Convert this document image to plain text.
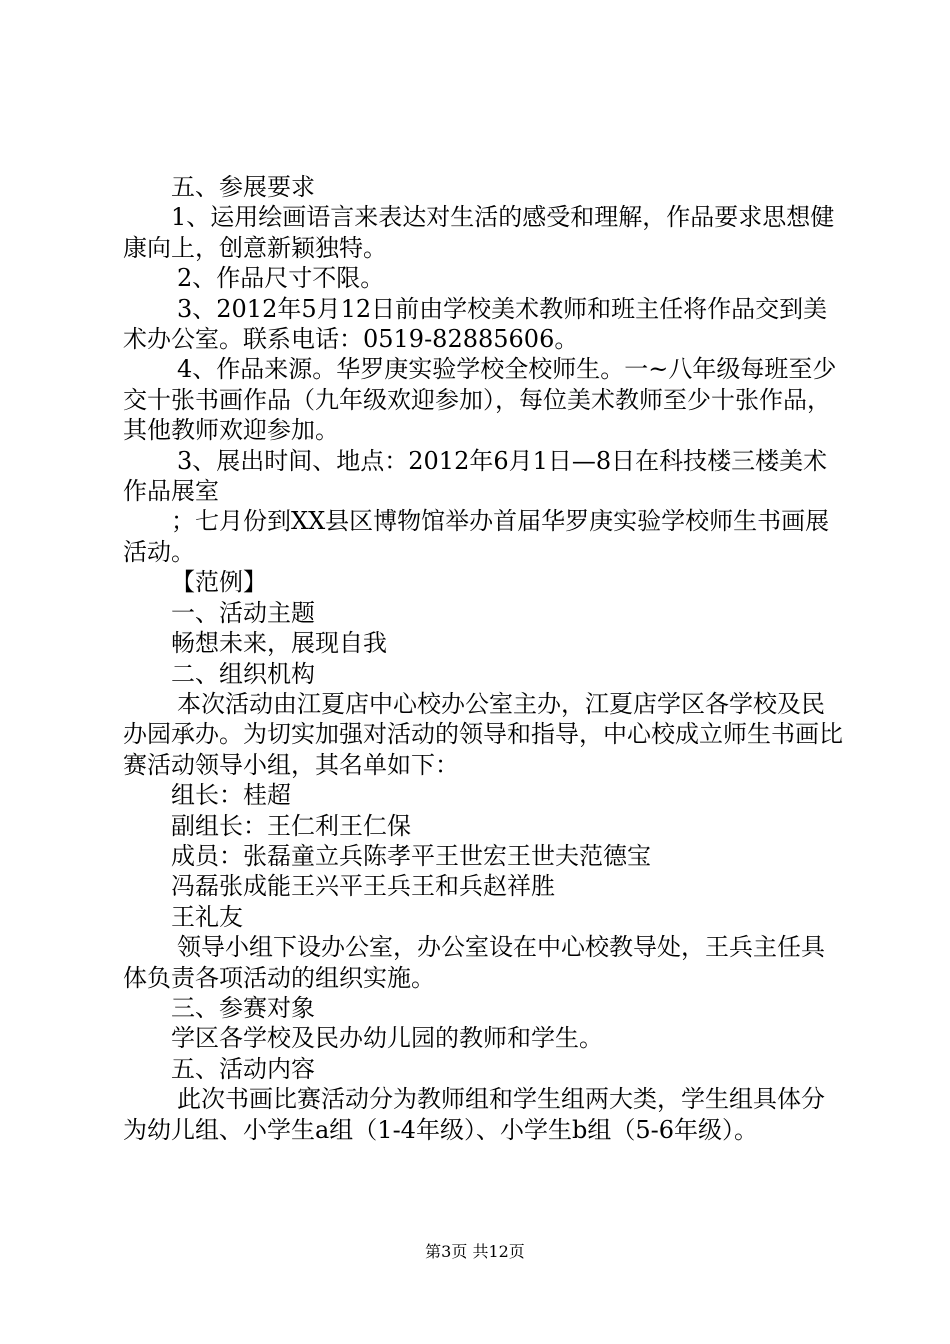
五、参展要求

1、运用绘画语言来表达对生活的感受和理解，作品要求思想健康向上，创意新颖独特。

2、作品尺寸不限。

3、2012年5月12日前由学校美术教师和班主任将作品交到美术办公室。联系电话：0519-82885606。

4、作品来源。华罗庚实验学校全校师生。一~八年级每班至少交十张书画作品（九年级欢迎参加），每位美术教师至少十张作品，其他教师欢迎参加。

3、展出时间、地点：2012年6月1日—8日在科技楼三楼美术作品展室

；七月份到XX县区博物馆举办首届华罗庚实验学校师生书画展活动。

【范例】

一、活动主题

畅想未来，展现自我

二、组织机构

本次活动由江夏店中心校办公室主办，江夏店学区各学校及民办园承办。为切实加强对活动的领导和指导，中心校成立师生书画比赛活动领导小组，其名单如下：

组长：桂超

副组长：王仁利王仁保

成员：张磊童立兵陈孝平王世宏王世夫范德宝

冯磊张成能王兴平王兵王和兵赵祥胜

王礼友

领导小组下设办公室，办公室设在中心校教导处，王兵主任具体负责各项活动的组织实施。

三、参赛对象

学区各学校及民办幼儿园的教师和学生。

五、活动内容

此次书画比赛活动分为教师组和学生组两大类，学生组具体分为幼儿组、小学生a组（1-4年级）、小学生b组（5-6年级）。

第3页 共12页
